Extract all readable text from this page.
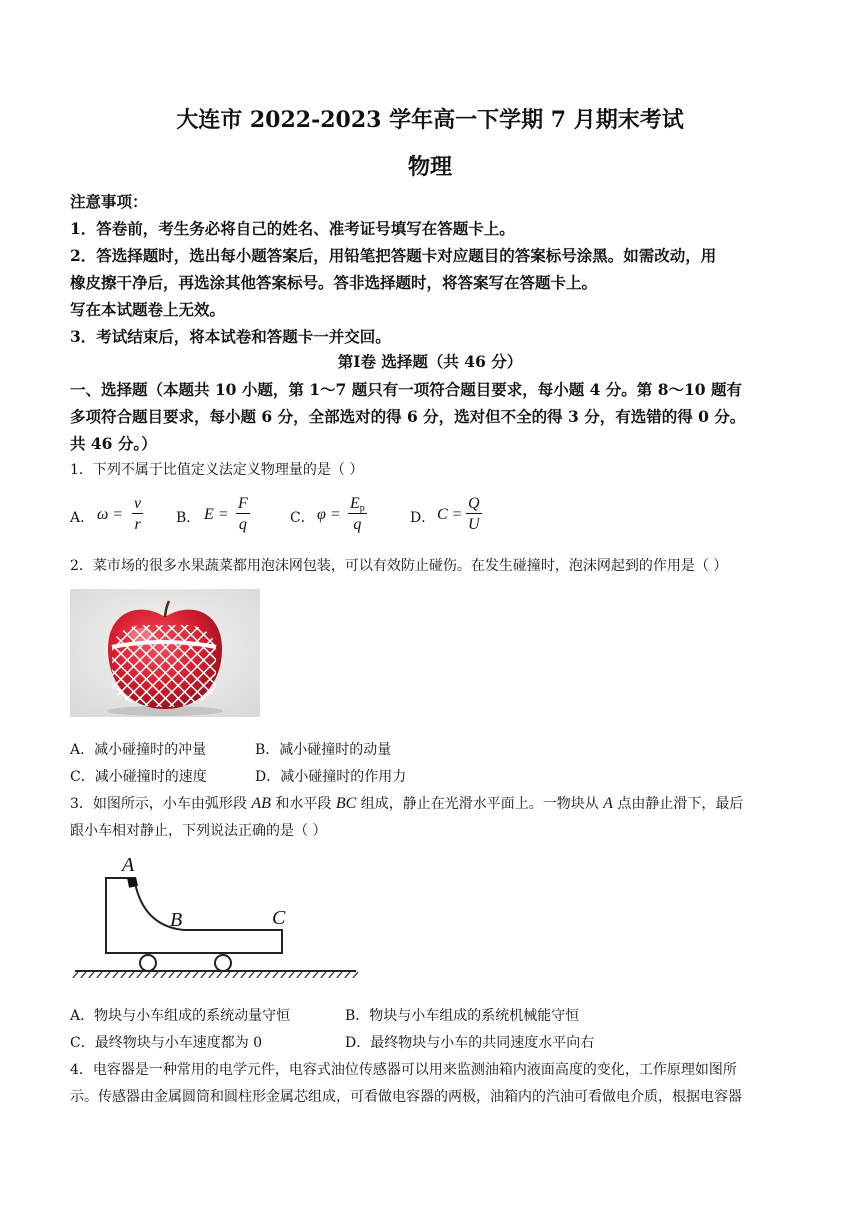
大连市 2022-2023 学年高一下学期 7 月期末考试
物理
注意事项：
1．答卷前，考生务必将自己的姓名、准考证号填写在答题卡上。
2．答选择题时，选出每小题答案后，用铅笔把答题卡对应题目的答案标号涂黑。如需改动，用
橡皮擦干净后，再选涂其他答案标号。答非选择题时，将答案写在答题卡上。
写在本试题卷上无效。
3．考试结束后，将本试卷和答题卡一并交回。
第Ⅰ卷 选择题（共 46 分）
一、选择题（本题共 10 小题，第 1～7 题只有一项符合题目要求，每小题 4 分。第 8～10 题有
多项符合题目要求，每小题 6 分，全部选对的得 6 分，选对但不全的得 3 分，有选错的得 0 分。
共 46 分。）
1．下列不属于比值定义法定义物理量的是（ ）
A． $\omega = \frac{v}{r}$ B． $E = \frac{F}{q}$	C． $\varphi = \frac{E_p}{q}$	D． $C = \frac{Q}{U}$
2．菜市场的很多水果蔬菜都用泡沫网包装，可以有效防止碰伤。在发生碰撞时，泡沫网起到的作用是（ ）
A．减小碰撞时的冲量	B．减小碰撞时的动量
C．减小碰撞时的速度	D．减小碰撞时的作用力
3．如图所示，小车由弧形段 AB 和水平段 BC 组成，静止在光滑水平面上。一物块从 A 点由静止滑下，最后
跟小车相对静止，下列说法正确的是（ ）
A
B	C
A．物块与小车组成的系统动量守恒	B．物块与小车组成的系统机械能守恒
C．最终物块与小车速度都为 0	D．最终物块与小车的共同速度水平向右
4．电容器是一种常用的电学元件，电容式油位传感器可以用来监测油箱内液面高度的变化，工作原理如图所
示。传感器由金属圆筒和圆柱形金属芯组成，可看做电容器的两极，油箱内的汽油可看做电介质，根据电容器
